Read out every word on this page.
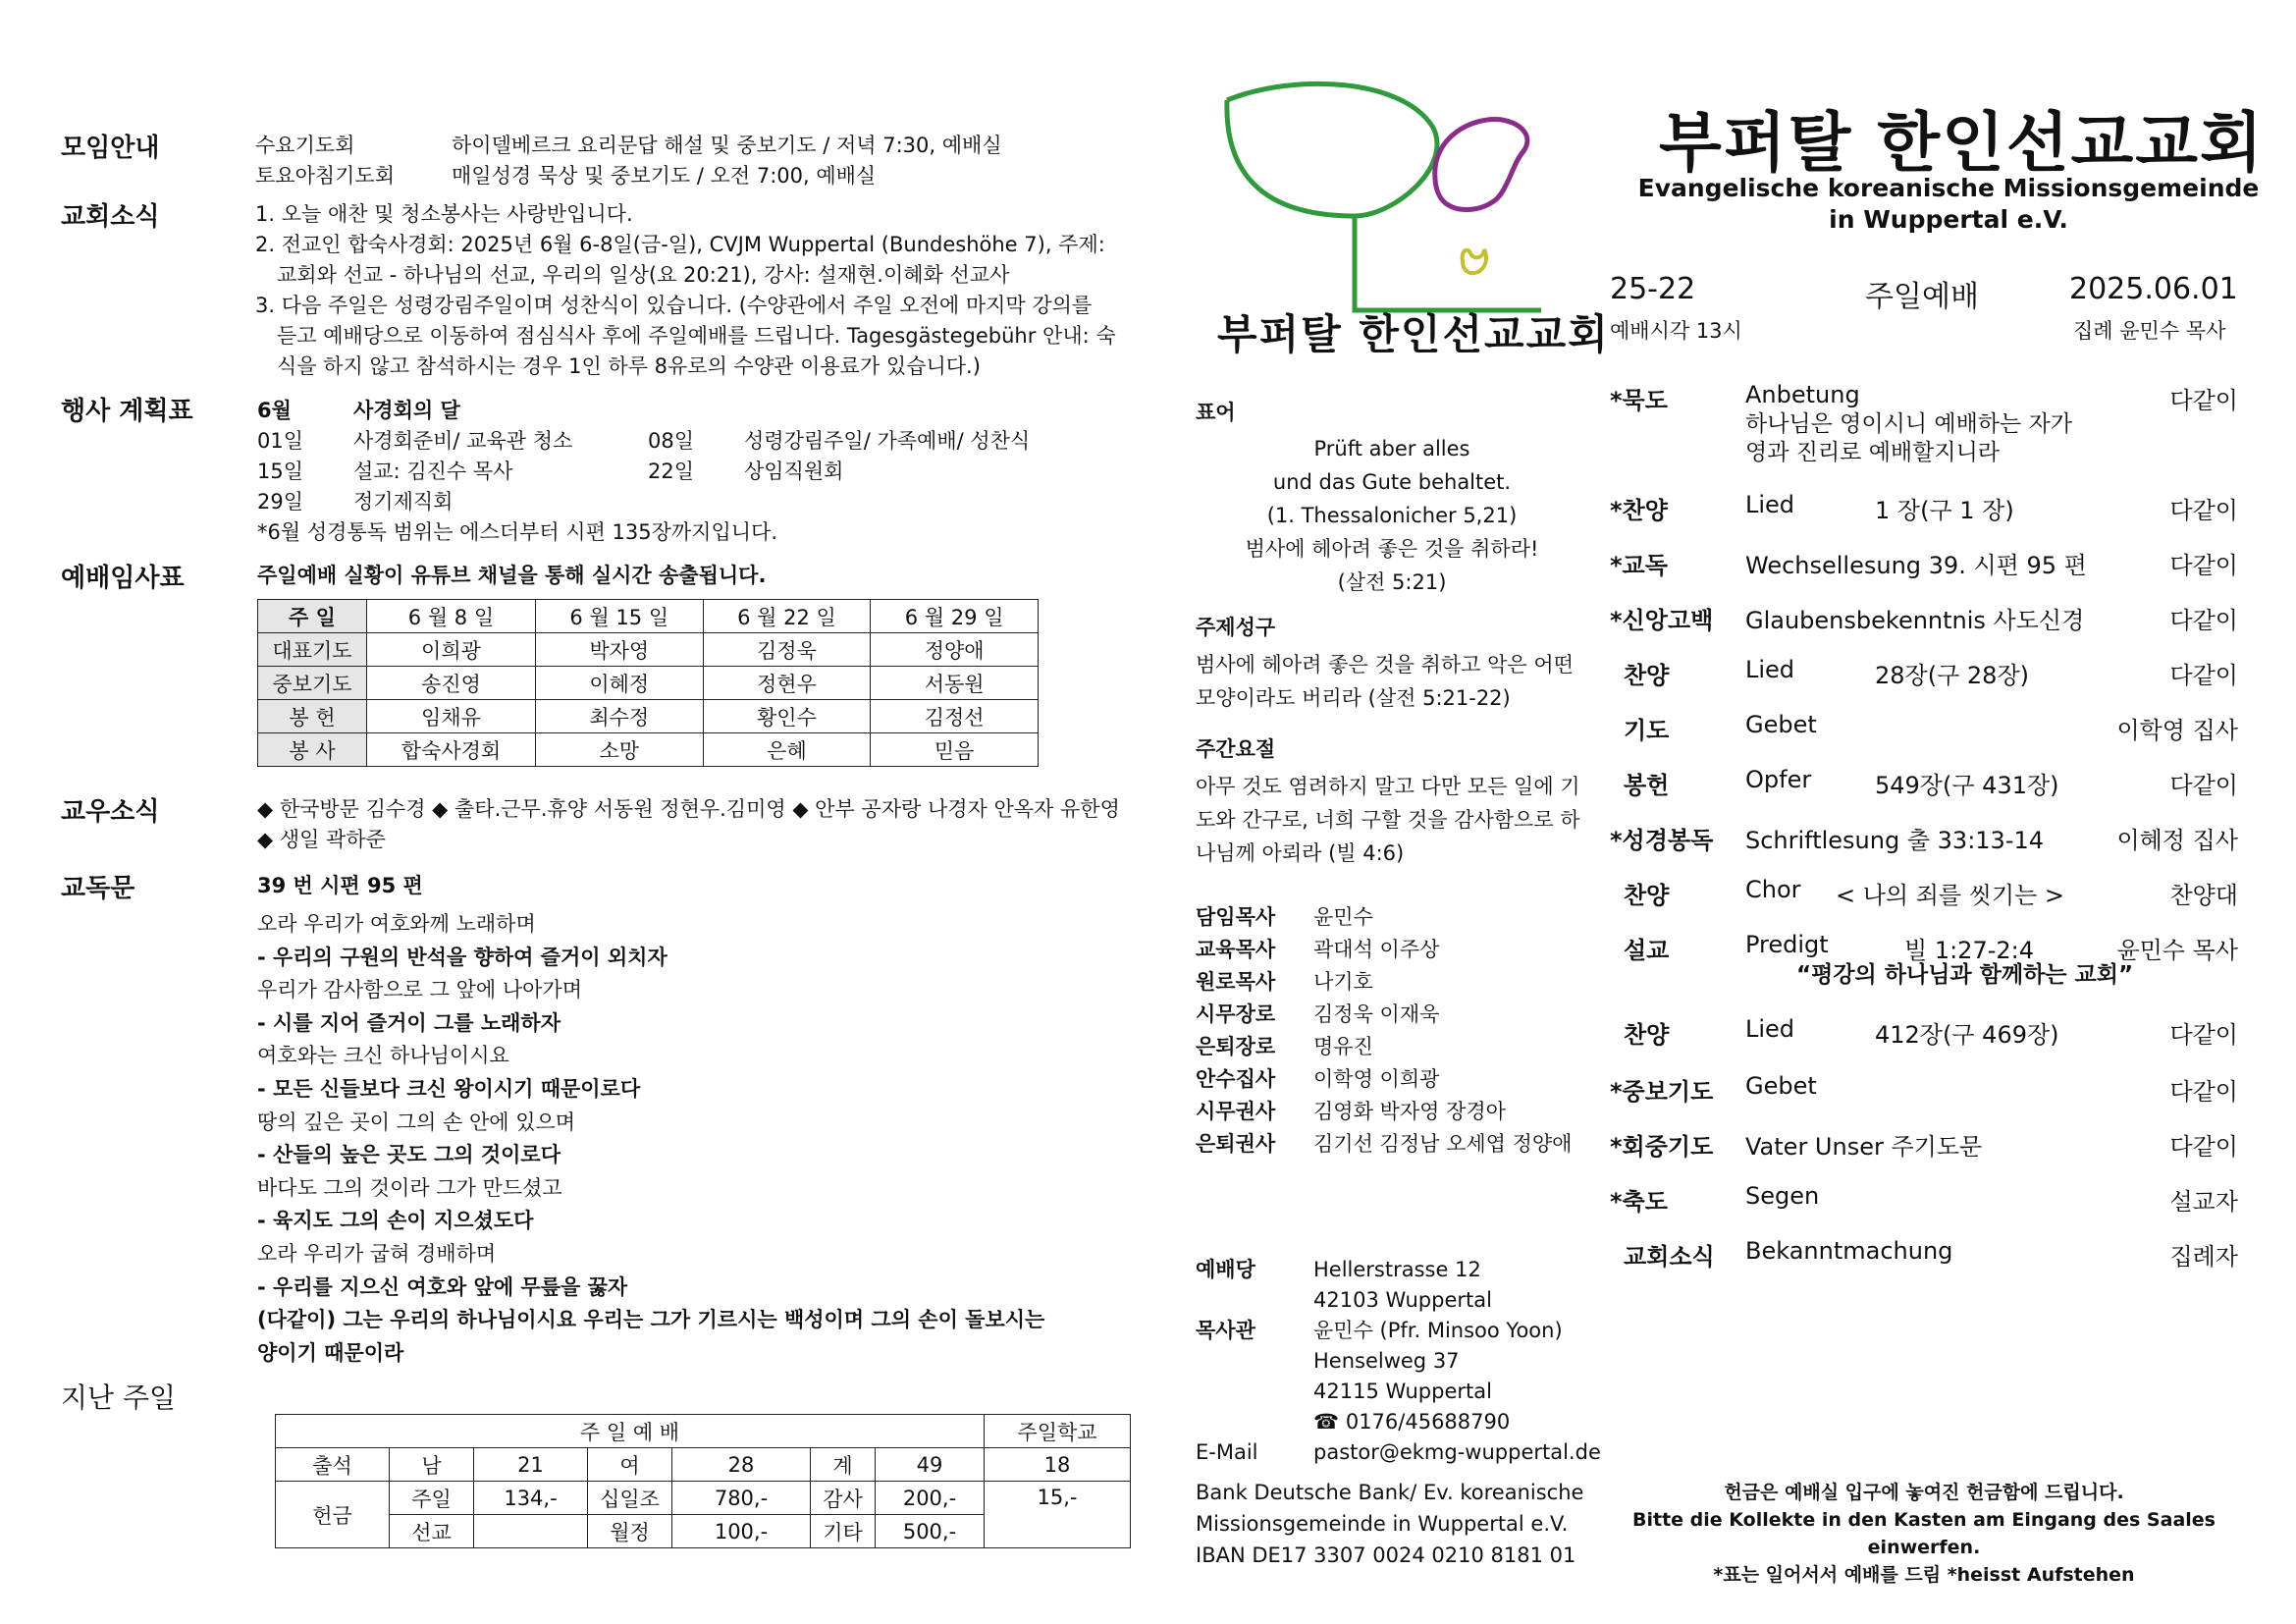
모임안내	수요기도회	하이델베르크 요리문답 해설 및 중보기도 / 저녁 7:30, 예배실
토요아침기도회	매일성경 묵상 및 중보기도 / 오전 7:00, 예배실
교회소식	1. 오늘 애찬 및 청소봉사는 사랑반입니다.
2. 전교인 합숙사경회: 2025년 6월 6-8일(금-일), CVJM Wuppertal (Bundeshöhe 7), 주제:
교회와 선교 - 하나님의 선교, 우리의 일상(요 20:21), 강사: 설재현.이혜화 선교사
3. 다음 주일은 성령강림주일이며 성찬식이 있습니다. (수양관에서 주일 오전에 마지막 강의를
듣고 예배당으로 이동하여 점심식사 후에 주일예배를 드립니다. Tagesgästegebühr 안내: 숙
식을 하지 않고 참석하시는 경우 1인 하루 8유로의 수양관 이용료가 있습니다.)
행사 계획표	6월	사경회의 달
01일 사경회준비/ 교육관 청소	08일 성령강림주일/ 가족예배/ 성찬식
15일 설교: 김진수 목사	22일 상임직원회
29일 정기제직회
*6월 성경통독 범위는 에스더부터 시편 135장까지입니다.
예배임사표	주일예배 실황이 유튜브 채널을 통해 실시간 송출됩니다.
주 일	6 월 8 일	6 월 15 일	6 월 22 일	6 월 29 일
대표기도	이희광	박자영	김정욱	정양애
중보기도	송진영	이혜정	정현우	서동원
봉 헌	임채유	최수정	황인수	김정선
봉 사	합숙사경회	소망	은혜	믿음
교우소식	◆ 한국방문 김수경 ◆ 출타.근무.휴양 서동원 정현우.김미영 ◆ 안부 공자랑 나경자 안옥자 유한영
◆ 생일 곽하준
교독문	39 번 시편 95 편
오라 우리가 여호와께 노래하며
- 우리의 구원의 반석을 향하여 즐거이 외치자
우리가 감사함으로 그 앞에 나아가며
- 시를 지어 즐거이 그를 노래하자
여호와는 크신 하나님이시요
- 모든 신들보다 크신 왕이시기 때문이로다
땅의 깊은 곳이 그의 손 안에 있으며
- 산들의 높은 곳도 그의 것이로다
바다도 그의 것이라 그가 만드셨고
- 육지도 그의 손이 지으셨도다
오라 우리가 굽혀 경배하며
- 우리를 지으신 여호와 앞에 무릎을 꿇자
(다같이) 그는 우리의 하나님이시요 우리는 그가 기르시는 백성이며 그의 손이 돌보시는
양이기 때문이라
지난 주일
주 일 예 배							주일학교
출석	남	21	여	28	계	49	18
헌금	주일	134,-	십일조	780,-	감사	200,-	15,-
	선교		월정	100,-	기타	500,-	
부퍼탈 한인선교교회
표어
Prüft aber alles
und das Gute behaltet.
(1. Thessalonicher 5,21)
범사에 헤아려 좋은 것을 취하라!
(살전 5:21)
주제성구
범사에 헤아려 좋은 것을 취하고 악은 어떤
모양이라도 버리라 (살전 5:21-22)
주간요절
아무 것도 염려하지 말고 다만 모든 일에 기
도와 간구로, 너희 구할 것을 감사함으로 하
나님께 아뢰라 (빌 4:6)
담임목사	윤민수
교육목사	곽대석 이주상
원로목사	나기호
시무장로	김정욱 이재욱
은퇴장로	명유진
안수집사	이학영 이희광
시무권사	김영화 박자영 장경아
은퇴권사	김기선 김정남 오세엽 정양애
예배당	Hellerstrasse 12
42103 Wuppertal
목사관	윤민수 (Pfr. Minsoo Yoon)
Henselweg 37
42115 Wuppertal
☎ 0176/45688790
E-Mail	pastor@ekmg-wuppertal.de
Bank Deutsche Bank/ Ev. koreanische
Missionsgemeinde in Wuppertal e.V.
IBAN DE17 3307 0024 0210 8181 01
부퍼탈 한인선교교회
Evangelische koreanische Missionsgemeinde
in Wuppertal e.V.
25-22	주일예배	2025.06.01
예배시각 13시	집례 윤민수 목사
*묵도	Anbetung	다같이
*찬양	Lied	1 장(구 1 장)	다같이
*교독	Wechsellesung 39. 시편 95 편	다같이
*신앙고백 Glaubensbekenntnis 사도신경	다같이
찬양	Lied	28장(구 28장)	다같이
기도	Gebet	이학영 집사
봉헌	Opfer	549장(구 431장)	다같이
*성경봉독 Schriftlesung 출 33:13-14	이혜정 집사
찬양	Chor < 나의 죄를 씻기는 >	찬양대
설교	Predigt	빌 1:27-2:4	윤민수 목사
찬양	Lied	412장(구 469장)	다같이
*중보기도 Gebet	다같이
*회중기도 Vater Unser 주기도문	다같이
*축도	Segen	설교자
교회소식 Bekanntmachung	집례자
하나님은 영이시니 예배하는 자가
영과 진리로 예배할지니라
“평강의 하나님과 함께하는 교회”
헌금은 예배실 입구에 놓여진 헌금함에 드립니다.
Bitte die Kollekte in den Kasten am Eingang des Saales einwerfen.
*표는 일어서서 예배를 드림 *heisst Aufstehen
